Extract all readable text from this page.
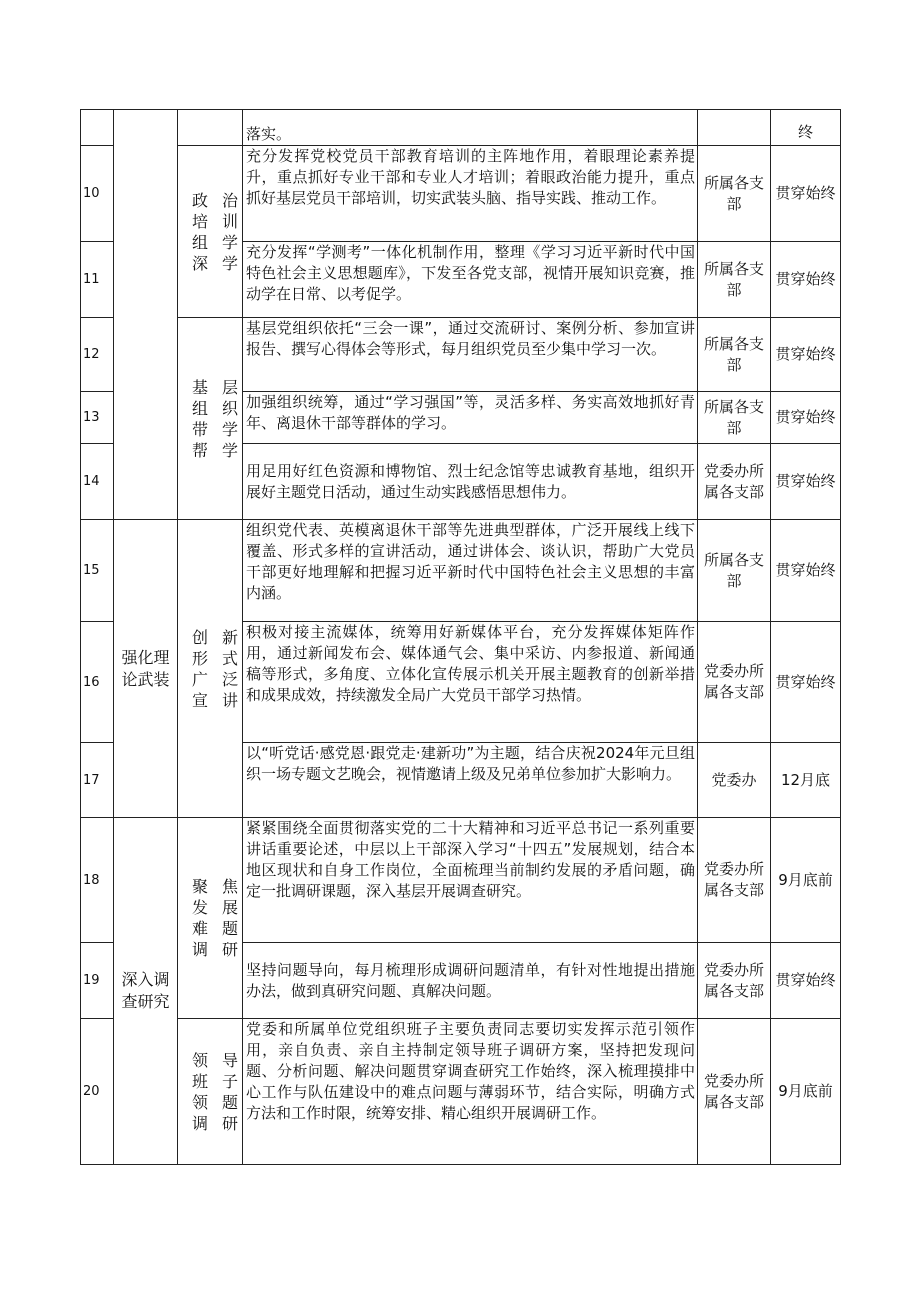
			落实。		终
10		政治培训组学深学	充分发挥党校党员干部教育培训的主阵地作用，着眼理论素养提升，重点抓好专业干部和专业人才培训；着眼政治能力提升，重点抓好基层党员干部培训，切实武装头脑、指导实践、推动工作。	所属各支部	贯穿始终
11			充分发挥“学测考”一体化机制作用，整理《学习习近平新时代中国特色社会主义思想题库》，下发至各党支部，视情开展知识竞赛，推动学在日常、以考促学。	所属各支部	贯穿始终
12		基层组织带学帮学	基层党组织依托“三会一课”，通过交流研讨、案例分析、参加宣讲报告、撰写心得体会等形式，每月组织党员至少集中学习一次。	所属各支部	贯穿始终
13			加强组织统筹，通过“学习强国”等，灵活多样、务实高效地抓好青年、离退休干部等群体的学习。	所属各支部	贯穿始终
14			用足用好红色资源和博物馆、烈士纪念馆等忠诚教育基地，组织开展好主题党日活动，通过生动实践感悟思想伟力。	党委办所属各支部	贯穿始终
15	强化理论武装	创新形式广泛宣讲	组织党代表、英模离退休干部等先进典型群体，广泛开展线上线下覆盖、形式多样的宣讲活动，通过讲体会、谈认识，帮助广大党员干部更好地理解和把握习近平新时代中国特色社会主义思想的丰富内涵。	所属各支部	贯穿始终
16			积极对接主流媒体，统筹用好新媒体平台，充分发挥媒体矩阵作用，通过新闻发布会、媒体通气会、集中采访、内参报道、新闻通稿等形式，多角度、立体化宣传展示机关开展主题教育的创新举措和成果成效，持续激发全局广大党员干部学习热情。	党委办所属各支部	贯穿始终
17			以“听党话·感党恩·跟党走·建新功”为主题，结合庆祝2024年元旦组织一场专题文艺晚会，视情邀请上级及兄弟单位参加扩大影响力。	党委办	12月底
18	深入调查研究	聚焦发展难题调研	紧紧围绕全面贯彻落实党的二十大精神和习近平总书记一系列重要讲话重要论述，中层以上干部深入学习“十四五”发展规划，结合本地区现状和自身工作岗位，全面梳理当前制约发展的矛盾问题，确定一批调研课题，深入基层开展调查研究。	党委办所属各支部	9月底前
19			坚持问题导向，每月梳理形成调研问题清单，有针对性地提出措施办法，做到真研究问题、真解决问题。	党委办所属各支部	贯穿始终
20		领导班子领题调研	党委和所属单位党组织班子主要负责同志要切实发挥示范引领作用，亲自负责、亲自主持制定领导班子调研方案，坚持把发现问题、分析问题、解决问题贯穿调查研究工作始终，深入梳理摸排中心工作与队伍建设中的难点问题与薄弱环节，结合实际，明确方式方法和工作时限，统筹安排、精心组织开展调研工作。	党委办所属各支部	9月底前
